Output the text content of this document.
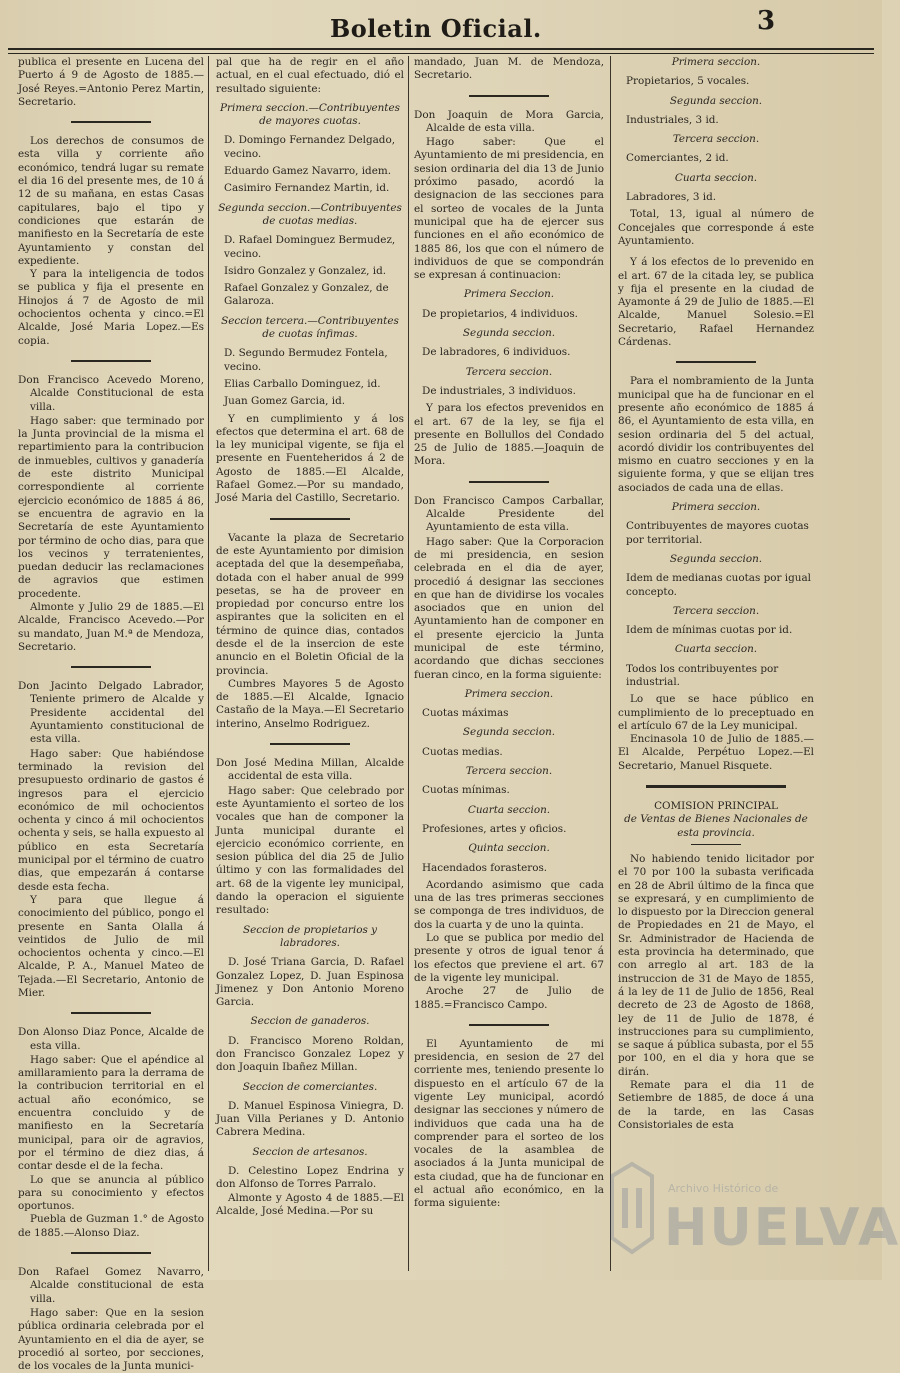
Boletin Oficial.	3

publica el presente en Lucena del Puerto á 9 de Agosto de 1885.—José Reyes.=Antonio Perez Martin, Secretario.

Los derechos de consumos de esta villa y corriente año económico, tendrá lugar su remate el dia 16 del presente mes, de 10 á 12 de su mañana, en estas Casas capitulares, bajo el tipo y condiciones que estarán de manifiesto en la Secretaría de este Ayuntamiento y constan del expediente.

Y para la inteligencia de todos se publica y fija el presente en Hinojos á 7 de Agosto de mil ochocientos ochenta y cinco.=El Alcalde, José Maria Lopez.—Es copia.

Don Francisco Acevedo Moreno, Alcalde Constitucional de esta villa.

Hago saber: que terminado por la Junta provincial de la misma el repartimiento para la contribucion de inmuebles, cultivos y ganadería de este distrito Municipal correspondiente al corriente ejercicio económico de 1885 á 86, se encuentra de agravio en la Secretaría de este Ayuntamiento por término de ocho dias, para que los vecinos y terratenientes, puedan deducir las reclamaciones de agravios que estimen procedente.

Almonte y Julio 29 de 1885.—El Alcalde, Francisco Acevedo.—Por su mandato, Juan M.ª de Mendoza, Secretario.

Don Jacinto Delgado Labrador, Teniente primero de Alcalde y Presidente accidental del Ayuntamiento constitucional de esta villa.

Hago saber: Que habiéndose terminado la revision del presupuesto ordinario de gastos é ingresos para el ejercicio económico de mil ochocientos ochenta y cinco á mil ochocientos ochenta y seis, se halla expuesto al público en esta Secretaría municipal por el término de cuatro dias, que empezarán á contarse desde esta fecha.

Y para que llegue á conocimiento del público, pongo el presente en Santa Olalla á veintidos de Julio de mil ochocientos ochenta y cinco.—El Alcalde, P. A., Manuel Mateo de Tejada.—El Secretario, Antonio de Mier.

Don Alonso Diaz Ponce, Alcalde de esta villa.

Hago saber: Que el apéndice al amillaramiento para la derrama de la contribucion territorial en el actual año económico, se encuentra concluido y de manifiesto en la Secretaría municipal, para oir de agravios, por el término de diez dias, á contar desde el de la fecha.

Lo que se anuncia al público para su conocimiento y efectos oportunos.

Puebla de Guzman 1.° de Agosto de 1885.—Alonso Diaz.

Don Rafael Gomez Navarro, Alcalde constitucional de esta villa.

Hago saber: Que en la sesion pública ordinaria celebrada por el Ayuntamiento en el dia de ayer, se procedió al sorteo, por secciones, de los vocales de la Junta munici-

pal que ha de regir en el año actual, en el cual efectuado, dió el resultado siguiente:

Primera seccion.—Contribuyentes de mayores cuotas.

D. Domingo Fernandez Delgado, vecino.

Eduardo Gamez Navarro, idem.

Casimiro Fernandez Martin, id.

Segunda seccion.—Contribuyentes de cuotas medias.

D. Rafael Dominguez Bermudez, vecino.

Isidro Gonzalez y Gonzalez, id.

Rafael Gonzalez y Gonzalez, de Galaroza.

Seccion tercera.—Contribuyentes de cuotas ínfimas.

D. Segundo Bermudez Fontela, vecino.

Elias Carballo Dominguez, id.

Juan Gomez Garcia, id.

Y en cumplimiento y á los efectos que determina el art. 68 de la ley municipal vigente, se fija el presente en Fuenteheridos á 2 de Agosto de 1885.—El Alcalde, Rafael Gomez.—Por su mandado, José Maria del Castillo, Secretario.

Vacante la plaza de Secretario de este Ayuntamiento por dimision aceptada del que la desempeñaba, dotada con el haber anual de 999 pesetas, se ha de proveer en propiedad por concurso entre los aspirantes que la soliciten en el término de quince dias, contados desde el de la insercion de este anuncio en el Boletin Oficial de la provincia.

Cumbres Mayores 5 de Agosto de 1885.—El Alcalde, Ignacio Castaño de la Maya.—El Secretario interino, Anselmo Rodriguez.

Don José Medina Millan, Alcalde accidental de esta villa.

Hago saber: Que celebrado por este Ayuntamiento el sorteo de los vocales que han de componer la Junta municipal durante el ejercicio económico corriente, en sesion pública del dia 25 de Julio último y con las formalidades del art. 68 de la vigente ley municipal, dando la operacion el siguiente resultado:

Seccion de propietarios y labradores.

D. José Triana Garcia, D. Rafael Gonzalez Lopez, D. Juan Espinosa Jimenez y Don Antonio Moreno Garcia.

Seccion de ganaderos.

D. Francisco Moreno Roldan, don Francisco Gonzalez Lopez y don Joaquin Ibañez Millan.

Seccion de comerciantes.

D. Manuel Espinosa Viniegra, D. Juan Villa Perianes y D. Antonio Cabrera Medina.

Seccion de artesanos.

D. Celestino Lopez Endrina y don Alfonso de Torres Parralo.

Almonte y Agosto 4 de 1885.—El Alcalde, José Medina.—Por su

mandado, Juan M. de Mendoza, Secretario.

Don Joaquin de Mora Garcia, Alcalde de esta villa.

Hago saber: Que el Ayuntamiento de mi presidencia, en sesion ordinaria del dia 13 de Junio próximo pasado, acordó la designacion de las secciones para el sorteo de vocales de la Junta municipal que ha de ejercer sus funciones en el año económico de 1885 86, los que con el número de individuos de que se compondrán se expresan á continuacion:

Primera Seccion.

De propietarios, 4 individuos.

Segunda seccion.

De labradores, 6 individuos.

Tercera seccion.

De industriales, 3 individuos.

Y para los efectos prevenidos en el art. 67 de la ley, se fija el presente en Bollullos del Condado 25 de Julio de 1885.—Joaquin de Mora.

Don Francisco Campos Carballar, Alcalde Presidente del Ayuntamiento de esta villa.

Hago saber: Que la Corporacion de mi presidencia, en sesion celebrada en el dia de ayer, procedió á designar las secciones en que han de dividirse los vocales asociados que en union del Ayuntamiento han de componer en el presente ejercicio la Junta municipal de este término, acordando que dichas secciones fueran cinco, en la forma siguiente:

Primera seccion.

Cuotas máximas

Segunda seccion.

Cuotas medias.

Tercera seccion.

Cuotas mínimas.

Cuarta seccion.

Profesiones, artes y oficios.

Quinta seccion.

Hacendados forasteros.

Acordando asimismo que cada una de las tres primeras secciones se componga de tres individuos, de dos la cuarta y de uno la quinta.

Lo que se publica por medio del presente y otros de igual tenor á los efectos que previene el art. 67 de la vigente ley municipal.

Aroche 27 de Julio de 1885.=Francisco Campo.

El Ayuntamiento de mi presidencia, en sesion de 27 del corriente mes, teniendo presente lo dispuesto en el artículo 67 de la vigente Ley municipal, acordó designar las secciones y número de individuos que cada una ha de comprender para el sorteo de los vocales de la asamblea de asociados á la Junta municipal de esta ciudad, que ha de funcionar en el actual año económico, en la forma siguiente:

Primera seccion.

Propietarios, 5 vocales.

Segunda seccion.

Industriales, 3 id.

Tercera seccion.

Comerciantes, 2 id.

Cuarta seccion.

Labradores, 3 id.

Total, 13, igual al número de Concejales que corresponde á este Ayuntamiento.

Y á los efectos de lo prevenido en el art. 67 de la citada ley, se publica y fija el presente en la ciudad de Ayamonte á 29 de Julio de 1885.—El Alcalde, Manuel Solesio.=El Secretario, Rafael Hernandez Cárdenas.

Para el nombramiento de la Junta municipal que ha de funcionar en el presente año económico de 1885 á 86, el Ayuntamiento de esta villa, en sesion ordinaria del 5 del actual, acordó dividir los contribuyentes del mismo en cuatro secciones y en la siguiente forma, y que se elijan tres asociados de cada una de ellas.

Primera seccion.

Contribuyentes de mayores cuotas por territorial.

Segunda seccion.

Idem de medianas cuotas por igual concepto.

Tercera seccion.

Idem de mínimas cuotas por id.

Cuarta seccion.

Todos los contribuyentes por industrial.

Lo que se hace público en cumplimiento de lo preceptuado en el artículo 67 de la Ley municipal.

Encinasola 10 de Julio de 1885.—El Alcalde, Perpétuo Lopez.—El Secretario, Manuel Risquete.

COMISION PRINCIPAL

de Ventas de Bienes Nacionales de esta provincia.

No habiendo tenido licitador por el 70 por 100 la subasta verificada en 28 de Abril último de la finca que se expresará, y en cumplimiento de lo dispuesto por la Direccion general de Propiedades en 21 de Mayo, el Sr. Administrador de Hacienda de esta provincia ha determinado, que con arreglo al art. 183 de la instruccion de 31 de Mayo de 1855, á la ley de 11 de Julio de 1856, Real decreto de 23 de Agosto de 1868, ley de 11 de Julio de 1878, é instrucciones para su cumplimiento, se saque á pública subasta, por el 55 por 100, en el dia y hora que se dirán.

Remate para el dia 11 de Setiembre de 1885, de doce á una de la tarde, en las Casas Consistoriales de esta

Archivo Histórico de
HUELVA
